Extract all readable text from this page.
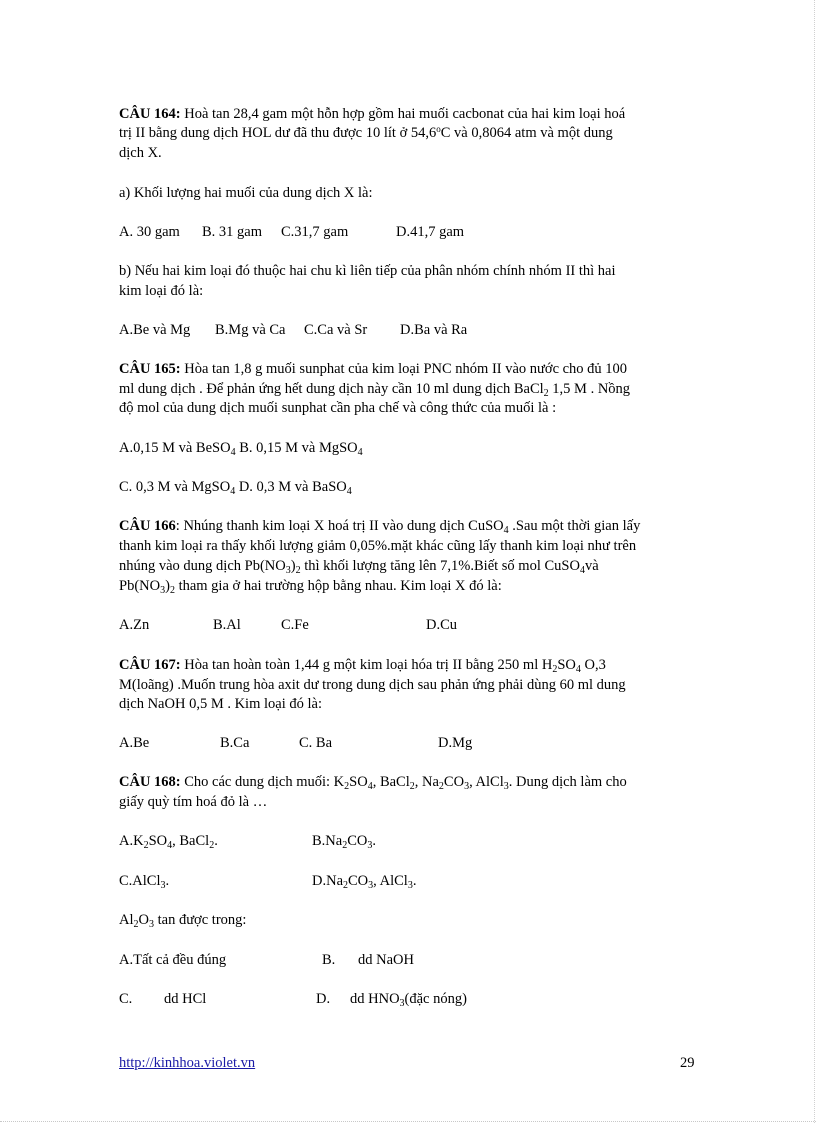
CÂU 164: Hoà tan 28,4 gam một hỗn hợp gồm hai muối cacbonat của hai kim loại hoá
trị II bằng dung dịch HOL dư đã thu được 10 lít ở 54,6$^o$C và 0,8064 atm và một dung
dịch X.
a) Khối lượng hai muối của dung dịch X là:
A. 30 gam B. 31 gam C.31,7 gam	D.41,7 gam
b) Nếu hai kim loại đó thuộc hai chu kì liên tiếp của phân nhóm chính nhóm II thì hai
kim loại đó là:
A.Be và Mg B.Mg và Ca C.Ca và Sr D.Ba và Ra
CÂU 165: Hòa tan 1,8 g muối sunphat của kim loại PNC nhóm II vào nước cho đủ 100
ml dung dịch . Để phản ứng hết dung dịch này cần 10 ml dung dịch BaCl$_2$ 1,5 M . Nồng
độ mol của dung dịch muối sunphat cần pha chế và công thức của muối là :
A.0,15 M và BeSO$_4$ B. 0,15 M và MgSO$_4$
C. 0,3 M và MgSO$_4$ D. 0,3 M và BaSO$_4$
CÂU 166: Nhúng thanh kim loại X hoá trị II vào dung dịch CuSO$_4$ .Sau một thời gian lấy
thanh kim loại ra thấy khối lượng giảm 0,05%.mặt khác cũng lấy thanh kim loại như trên
nhúng vào dung dịch $Pb(NO_3)_2$ thì khối lượng tăng lên 7,1%.Biết số mol CuSO$_4$và
$Pb(NO_3)_2$ tham gia ở hai trường hộp bằng nhau. Kim loại X đó là:
A.Zn	B.Al	C.Fe	D.Cu
CÂU 167: Hòa tan hoàn toàn 1,44 g một kim loại hóa trị II bằng 250 ml $H_2SO_4$ O,3
M(loãng) .Muốn trung hòa axit dư trong dung dịch sau phản ứng phải dùng 60 ml dung
dịch NaOH 0,5 M . Kim loại đó là:
A.Be	B.Ca	C. Ba	D.Mg
CÂU 168: Cho các dung dịch muối: $K_2SO_4$, BaCl$_2$, $Na_2CO_3$, AlCl$_3$. Dung dịch làm cho
giấy quỳ tím hoá đỏ là …
$A.K_2SO_4$, BaCl$_2$.	$B.Na_2CO_3$.
C.AlCl$_3$.	$D.Na_2CO_3$, AlCl$_3$.
$Al_2O_3$ tan được trong:
A.Tất cả đều đúng	B. dd NaOH
C. dd HCl	D. dd $HNO_3(đặc$ nóng)
http://kinhhoa.violet.vn	29
